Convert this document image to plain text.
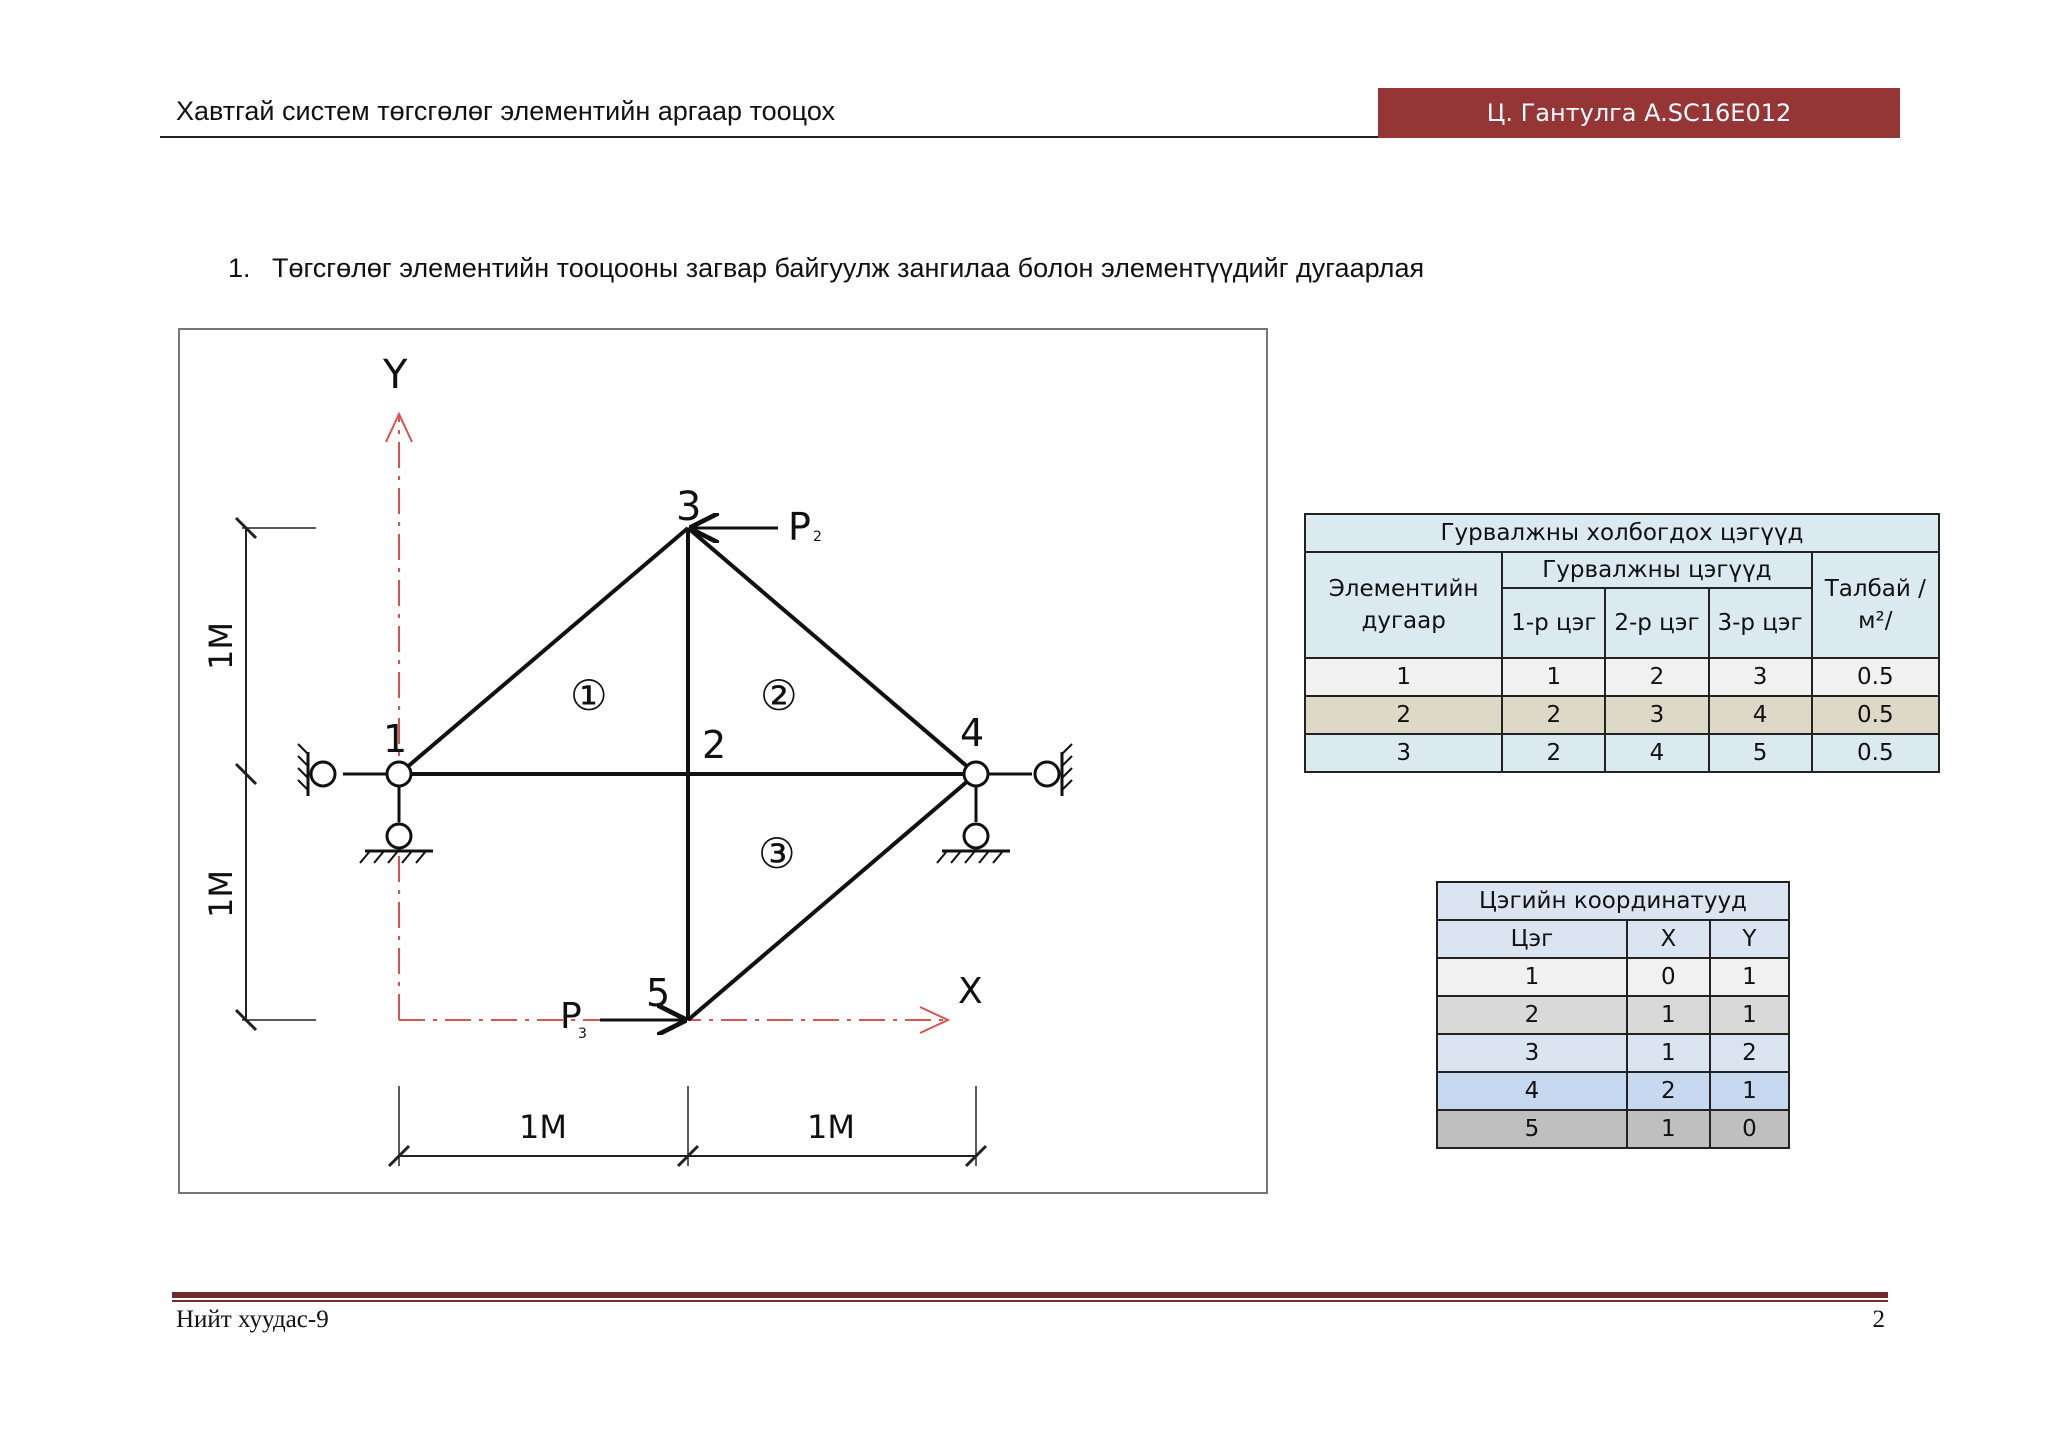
Хавтгай систем төгсгөлөг элементийн аргаар тооцох	Ц. Гантулга A.SC16E012
1. Төгсгөлөг элементийн тооцооны загвар байгуулж зангилаа болон элементүүдийг дугаарлая
Y
X
1M
1M
1M	1M
P 2
P
3
1	2
3
4
5
①	②
③
Гурвалжны холбогдох цэгүүд				
Элементийн дугаар	Гурвалжны цэгүүд			Талбай /м²/
	1-р цэг	2-р цэг	3-р цэг	
1	1	2	3	0.5
2	2	3	4	0.5
3	2	4	5	0.5
Цэгийн координатууд		
Цэг	X	Y
1	0	1
2	1	1
3	1	2
4	2	1
5	1	0
Нийт хуудас-9	2
